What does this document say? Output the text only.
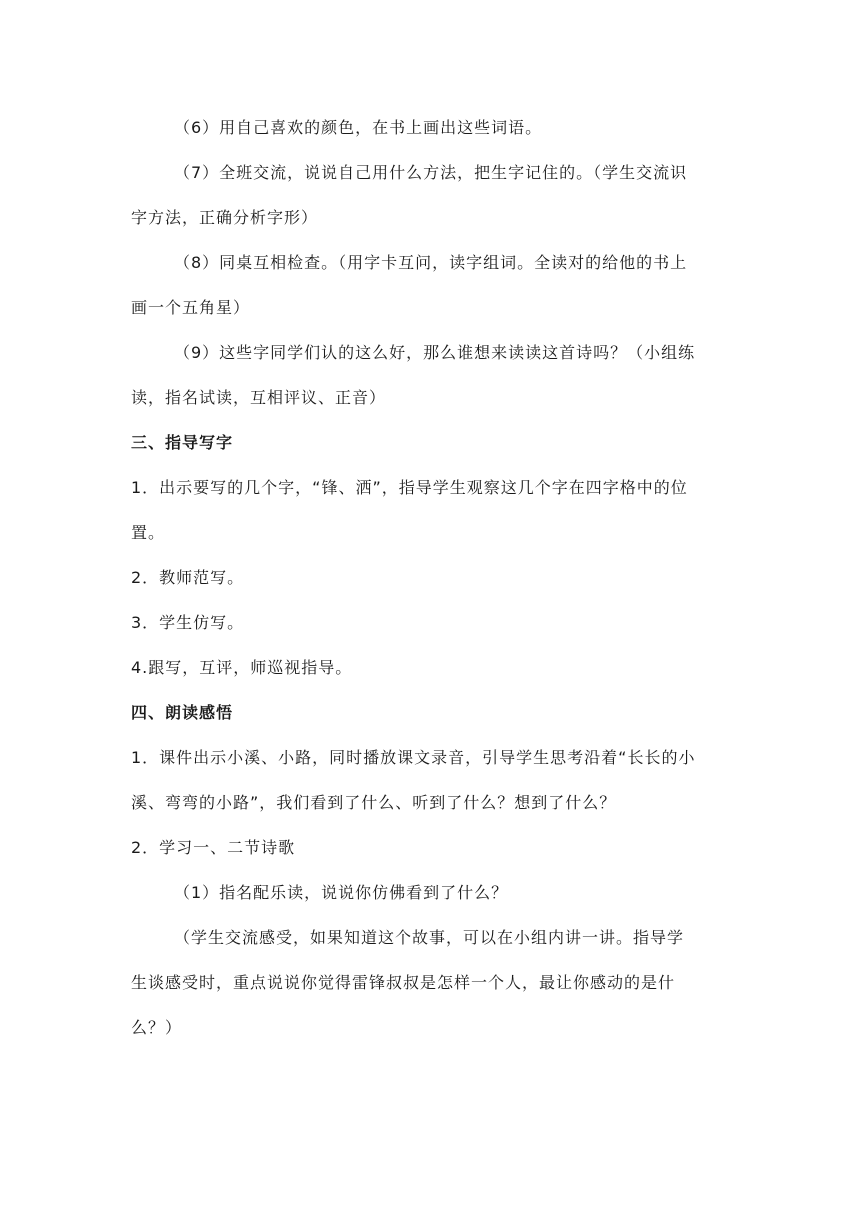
（6）用自己喜欢的颜色，在书上画出这些词语。
（7）全班交流，说说自己用什么方法，把生字记住的。（学生交流识
字方法，正确分析字形）
（8）同桌互相检查。（用字卡互问，读字组词。全读对的给他的书上
画一个五角星）
（9）这些字同学们认的这么好，那么谁想来读读这首诗吗？（小组练
读，指名试读，互相评议、正音）
三、指导写字
1．出示要写的几个字，“锋、洒”，指导学生观察这几个字在四字格中的位
置。
2．教师范写。
3．学生仿写。
4.跟写，互评，师巡视指导。
四、朗读感悟
1．课件出示小溪、小路，同时播放课文录音，引导学生思考沿着“长长的小
溪、弯弯的小路”，我们看到了什么、听到了什么？想到了什么？
2．学习一、二节诗歌
（1）指名配乐读，说说你仿佛看到了什么？
（学生交流感受，如果知道这个故事，可以在小组内讲一讲。指导学
生谈感受时，重点说说你觉得雷锋叔叔是怎样一个人，最让你感动的是什
么？）
